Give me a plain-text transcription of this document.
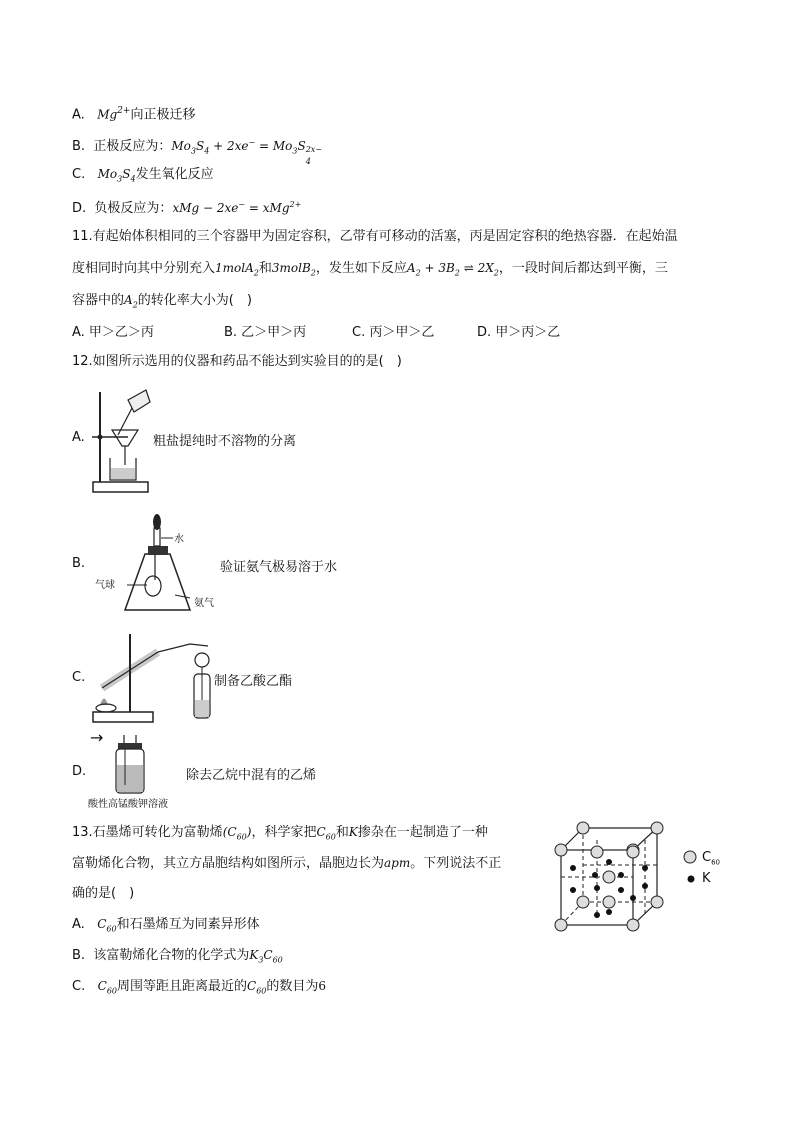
A. $Mg^{2+}$向正极迁移
B. 正极反应为：$Mo_3S_4 + 2xe^- = Mo_3S$ 2x−
4
C. $Mo_3S_4$发生氧化反应
D. 负极反应为：xMg − 2xe− = xMg$^{2+}$
11.有起始体积相同的三个容器甲为固定容积，乙带有可移动的活塞，丙是固定容积的绝热容器．在起始温
度相同时向其中分别充入1molA$_2$和3molB$_2$，发生如下反应$A_2 + 3B_2$ ⇌ $2X_2$，一段时间后都达到平衡，三
容器中的$A_2$的转化率大小为(　)
A. 甲＞乙＞丙	B. 乙＞甲＞丙	C. 丙＞甲＞乙	D. 甲＞丙＞乙
12.如图所示选用的仪器和药品不能达到实验目的的是(　)
A.	粗盐提纯时不溶物的分离
B.
水
气球
氨气
验证氨气极易溶于水
C.	制备乙酸乙酯
D.
→
酸性高锰酸钾溶液
除去乙烷中混有的乙烯
13.石墨烯可转化为富勒烯$(C_{60})$，科学家把$C_{60}$和K掺杂在一起制造了一种
富勒烯化合物，其立方晶胞结构如图所示，晶胞边长为apm。下列说法不正
确的是(　)
A. $C_{60}$和石墨烯互为同素异形体
B. 该富勒烯化合物的化学式为$K_3C_{60}$
C. $C_{60}$周围等距且距离最近的$C_{60}$的数目为6
$C_{60}$
K
